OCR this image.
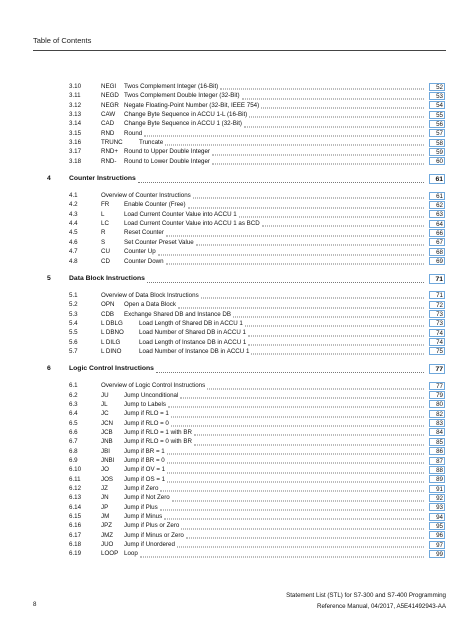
Table of Contents
3.10	NEGI Twos Complement Integer (16-Bit)	52
3.11	NEGD Twos Complement Double Integer (32-Bit)	53
3.12	NEGR Negate Floating-Point Number (32-Bit, IEEE 754)	54
3.13	CAW Change Byte Sequence in ACCU 1-L (16-Bit)	55
3.14	CAD Change Byte Sequence in ACCU 1 (32-Bit)	56
3.15	RND Round	57
3.16	TRUNC	Truncate	58
3.17	RND+ Round to Upper Double Integer	59
3.18	RND- Round to Lower Double Integer	60
4	Counter Instructions	61
4.1	Overview of Counter Instructions	61
4.2	FR Enable Counter (Free)	62
4.3	L	Load Current Counter Value into ACCU 1	63
4.4	LC Load Current Counter Value into ACCU 1 as BCD	64
4.5	R	Reset Counter	66
4.6	S	Set Counter Preset Value	67
4.7	CU Counter Up	68
4.8	CD Counter Down	69
5	Data Block Instructions	71
5.1	Overview of Data Block Instructions	71
5.2	OPN Open a Data Block	72
5.3	CDB Exchange Shared DB and Instance DB	73
5.4	L DBLG	Load Length of Shared DB in ACCU 1	73
5.5	L DBNO Load Number of Shared DB in ACCU 1	74
5.6	L DILG	Load Length of Instance DB in ACCU 1	74
5.7	L DINO	Load Number of Instance DB in ACCU 1	75
6	Logic Control Instructions	77
6.1	Overview of Logic Control Instructions	77
6.2	JU Jump Unconditional	79
6.3	JL	Jump to Labels	80
6.4	JC Jump if RLO = 1	82
6.5	JCN Jump if RLO = 0	83
6.6	JCB Jump if RLO = 1 with BR	84
6.7	JNB Jump if RLO = 0 with BR	85
6.8	JBI Jump if BR = 1	86
6.9	JNBI Jump if BR = 0	87
6.10	JO Jump if OV = 1	88
6.11	JOS Jump if OS = 1	89
6.12	JZ	Jump if Zero	91
6.13	JN Jump if Not Zero	92
6.14	JP	Jump if Plus	93
6.15	JM Jump if Minus	94
6.16	JPZ Jump if Plus or Zero	95
6.17	JMZ Jump if Minus or Zero	96
6.18	JUO Jump if Unordered	97
6.19	LOOP Loop	99
Statement List (STL) for S7-300 and S7-400 Programming
Reference Manual, 04/2017, A5E41492943-AA
8
